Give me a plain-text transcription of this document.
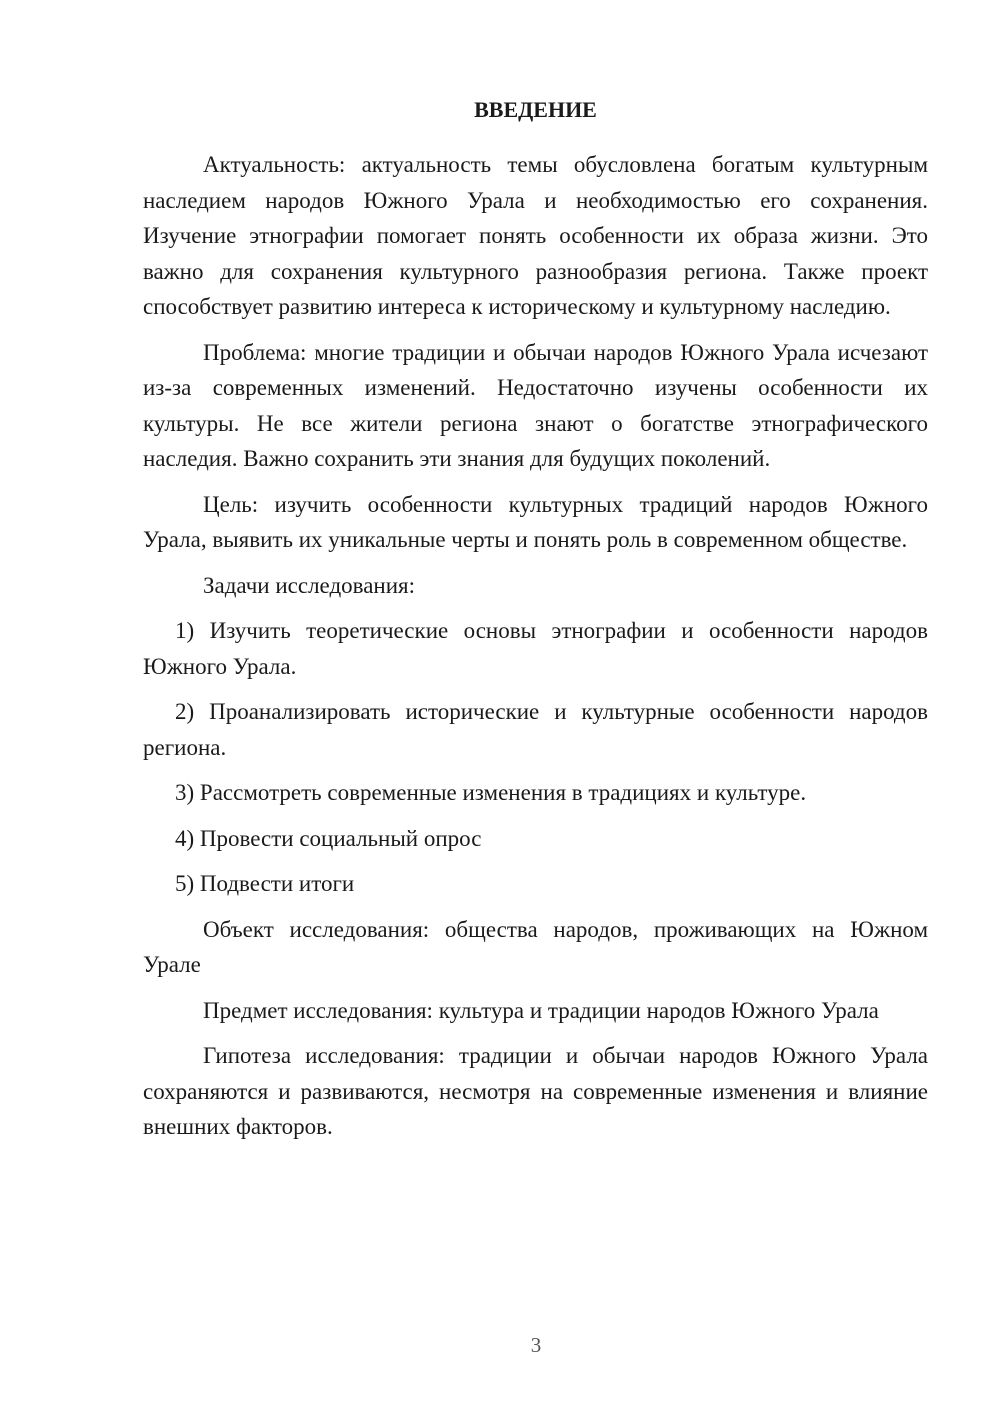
ВВЕДЕНИЕ

Актуальность: актуальность темы обусловлена богатым культурным наследием народов Южного Урала и необходимостью его сохранения. Изучение этнографии помогает понять особенности их образа жизни. Это важно для сохранения культурного разнообразия региона. Также проект способствует развитию интереса к историческому и культурному наследию.

Проблема: многие традиции и обычаи народов Южного Урала исчезают из-за современных изменений. Недостаточно изучены особенности их культуры. Не все жители региона знают о богатстве этнографического наследия. Важно сохранить эти знания для будущих поколений.

Цель: изучить особенности культурных традиций народов Южного Урала, выявить их уникальные черты и понять роль в современном обществе.

Задачи исследования:

1) Изучить теоретические основы этнографии и особенности народов Южного Урала.

2) Проанализировать исторические и культурные особенности народов региона.

3) Рассмотреть современные изменения в традициях и культуре.

4) Провести социальный опрос

5) Подвести итоги

Объект исследования: общества народов, проживающих на Южном Урале

Предмет исследования: культура и традиции народов Южного Урала

Гипотеза исследования: традиции и обычаи народов Южного Урала сохраняются и развиваются, несмотря на современные изменения и влияние внешних факторов.

3
